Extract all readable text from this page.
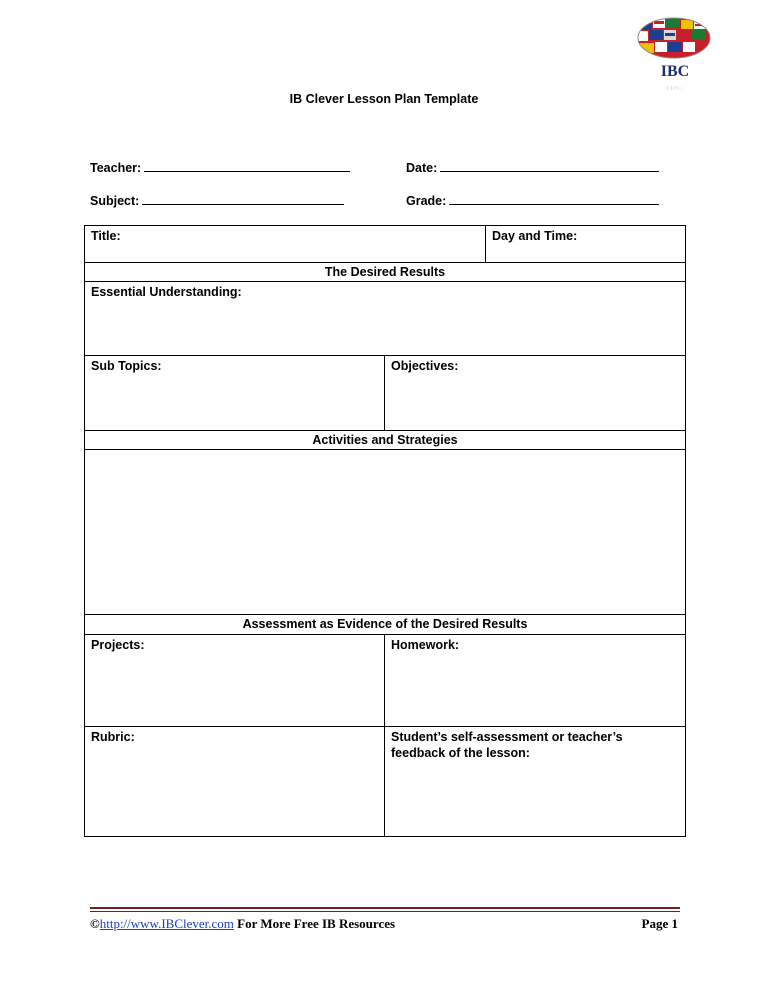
IBC
IBC
IB Clever Lesson Plan Template
Teacher:	Date:
Subject:	Grade:
Title:		Day and Time:
The Desired Results		
Essential Understanding:		
Sub Topics:	Objectives:	
Activities and Strategies		

Assessment as Evidence of the Desired Results		
Projects:	Homework:	
Rubric:	Student’s self-assessment or teacher’s
feedback of the lesson:	
©http://www.IBClever.com For More Free IB Resources	Page 1
